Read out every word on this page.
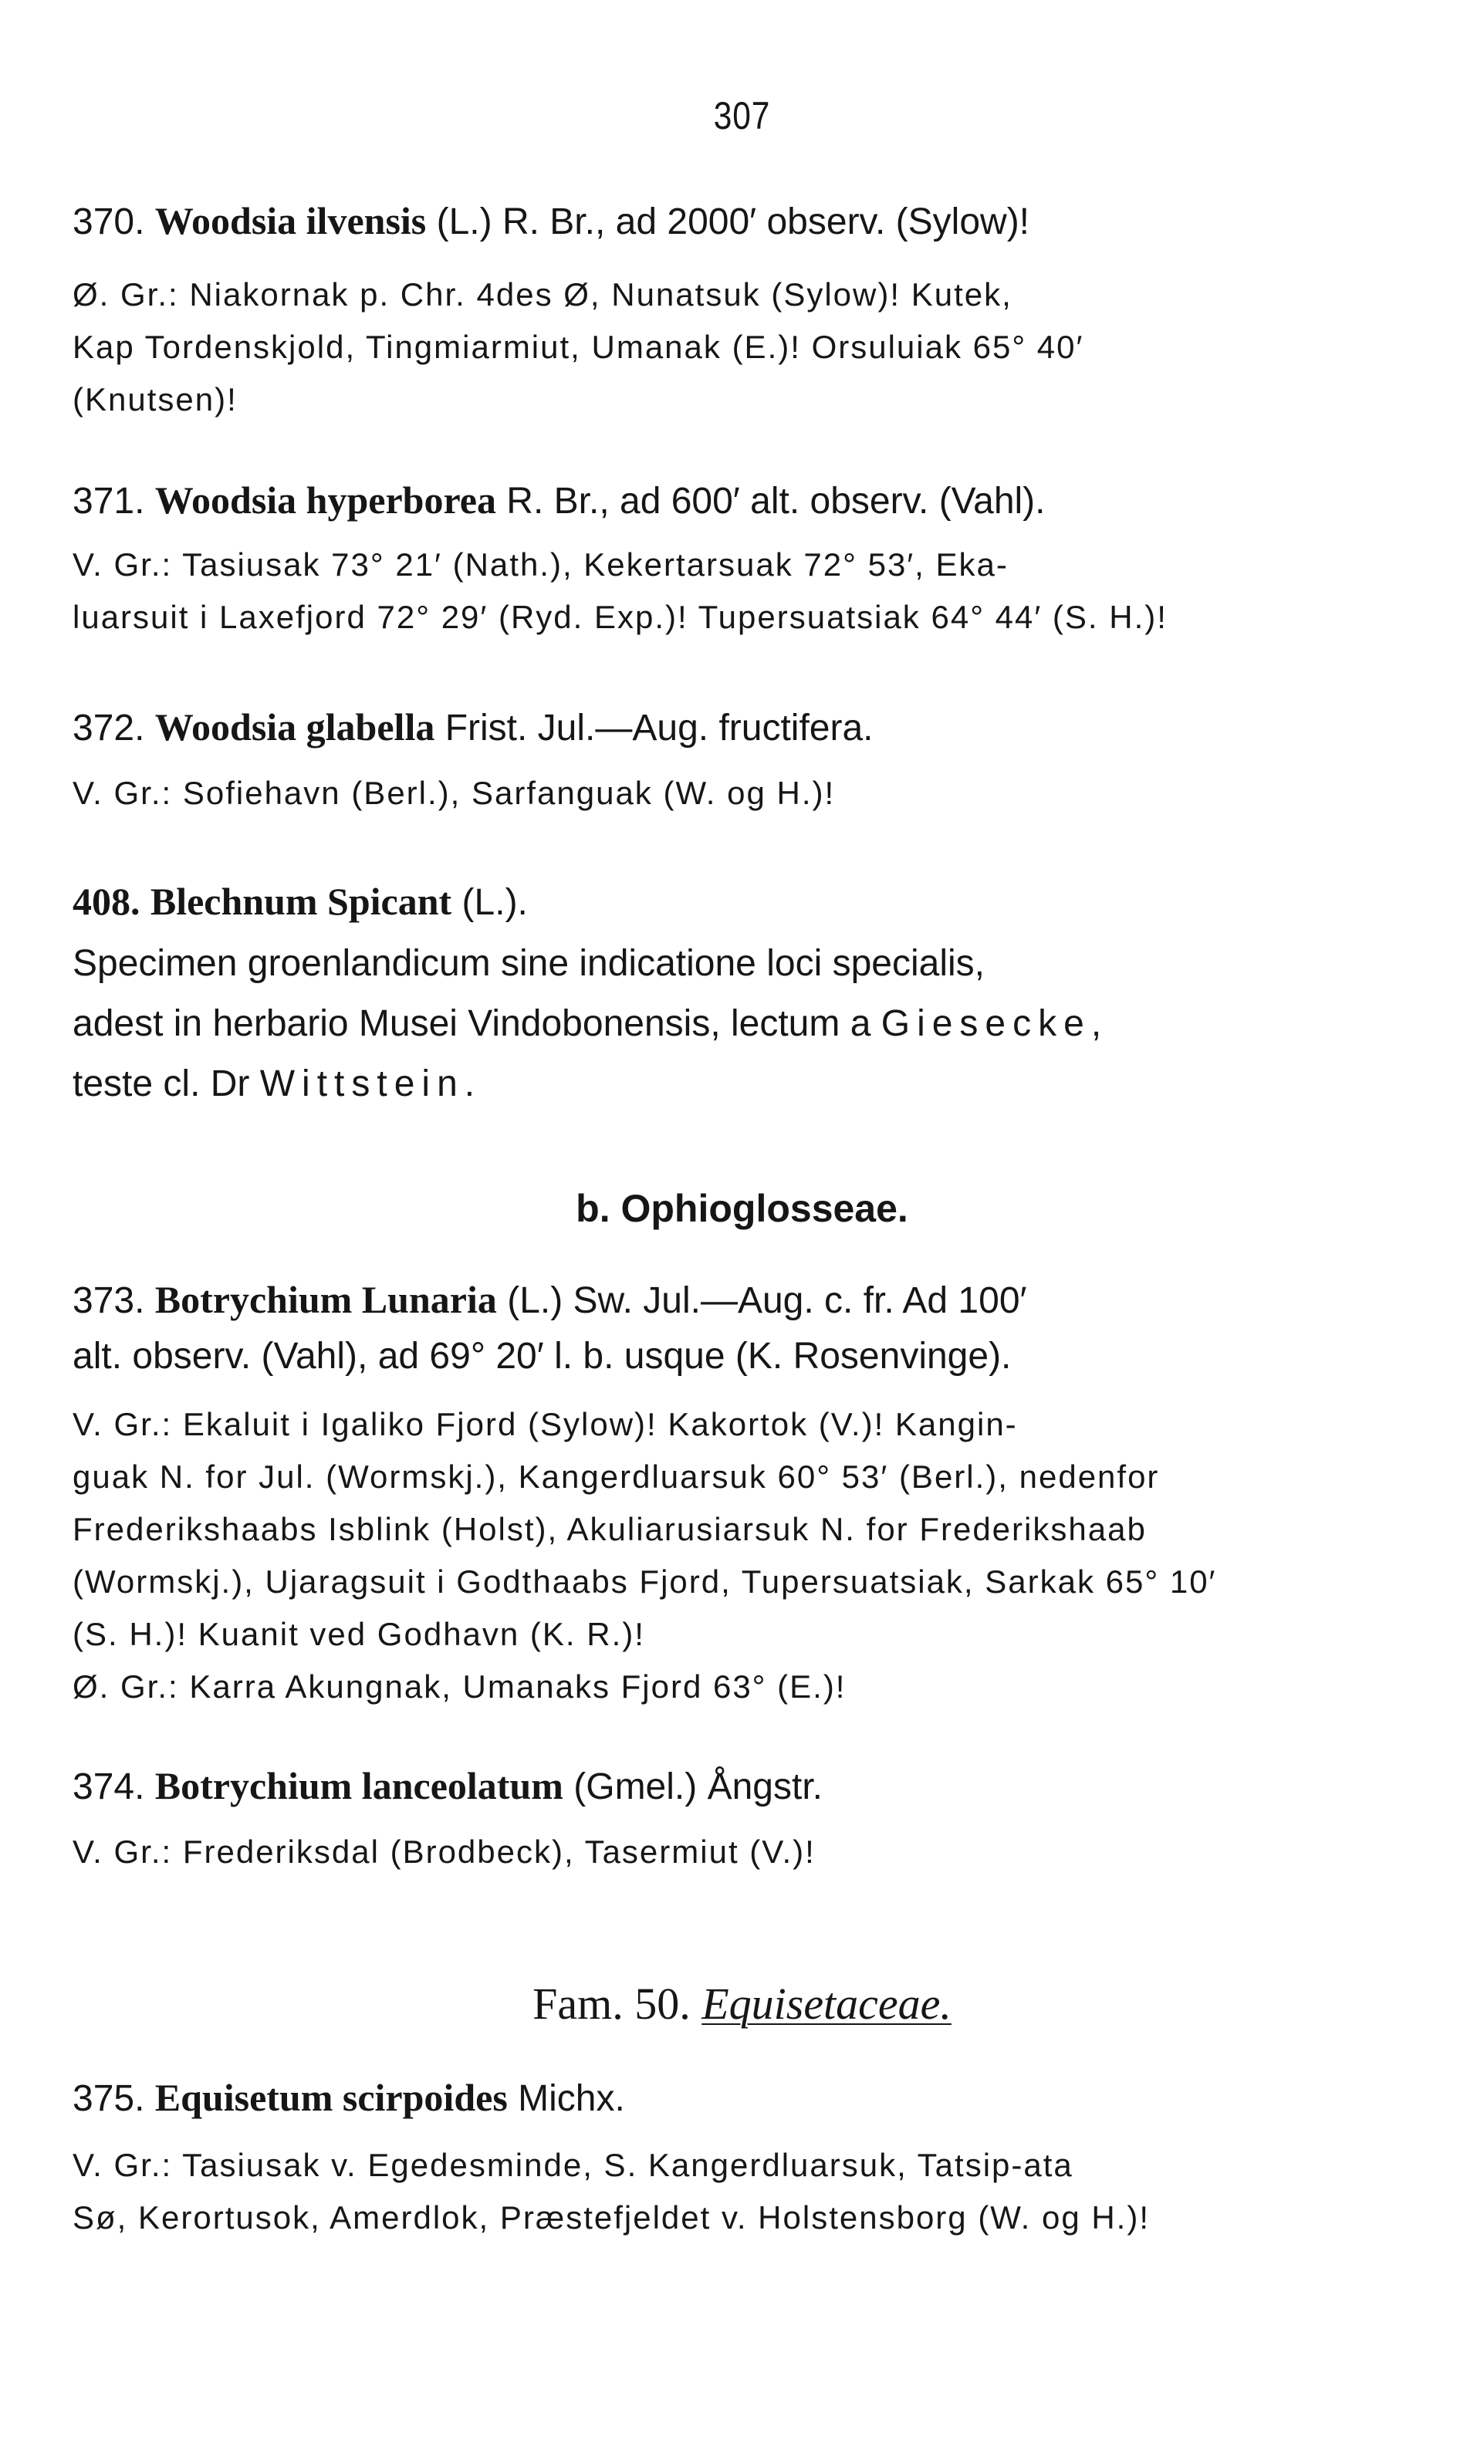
307

370. Woodsia ilvensis (L.) R. Br., ad 2000′ observ. (Sylow)!

Ø. Gr.: Niakornak p. Chr. 4des Ø, Nunatsuk (Sylow)! Kutek,
Kap Tordenskjold, Tingmiarmiut, Umanak (E.)! Orsuluiak 65° 40′
(Knutsen)!

371. Woodsia hyperborea R. Br., ad 600′ alt. observ. (Vahl).

V. Gr.: Tasiusak 73° 21′ (Nath.), Kekertarsuak 72° 53′, Eka-
luarsuit i Laxefjord 72° 29′ (Ryd. Exp.)! Tupersuatsiak 64° 44′ (S. H.)!

372. Woodsia glabella Frist. Jul.—Aug. fructifera.

V. Gr.: Sofiehavn (Berl.), Sarfanguak (W. og H.)!

408. Blechnum Spicant (L.).

Specimen groenlandicum sine indicatione loci specialis,
adest in herbario Musei Vindobonensis, lectum a Giesecke,
teste cl. Dr Wittstein.

b. Ophioglosseae.

373. Botrychium Lunaria (L.) Sw. Jul.—Aug. c. fr. Ad 100′
alt. observ. (Vahl), ad 69° 20′ l. b. usque (K. Rosenvinge).

V. Gr.: Ekaluit i Igaliko Fjord (Sylow)! Kakortok (V.)! Kangin-
guak N. for Jul. (Wormskj.), Kangerdluarsuk 60° 53′ (Berl.), nedenfor
Frederikshaabs Isblink (Holst), Akuliarusiarsuk N. for Frederikshaab
(Wormskj.), Ujaragsuit i Godthaabs Fjord, Tupersuatsiak, Sarkak 65° 10′
(S. H.)! Kuanit ved Godhavn (K. R.)!
Ø. Gr.: Karra Akungnak, Umanaks Fjord 63° (E.)!

374. Botrychium lanceolatum (Gmel.) Ångstr.

V. Gr.: Frederiksdal (Brodbeck), Tasermiut (V.)!

Fam. 50. Equisetaceae.

375. Equisetum scirpoides Michx.

V. Gr.: Tasiusak v. Egedesminde, S. Kangerdluarsuk, Tatsip-ata
Sø, Kerortusok, Amerdlok, Præstefjeldet v. Holstensborg (W. og H.)!
